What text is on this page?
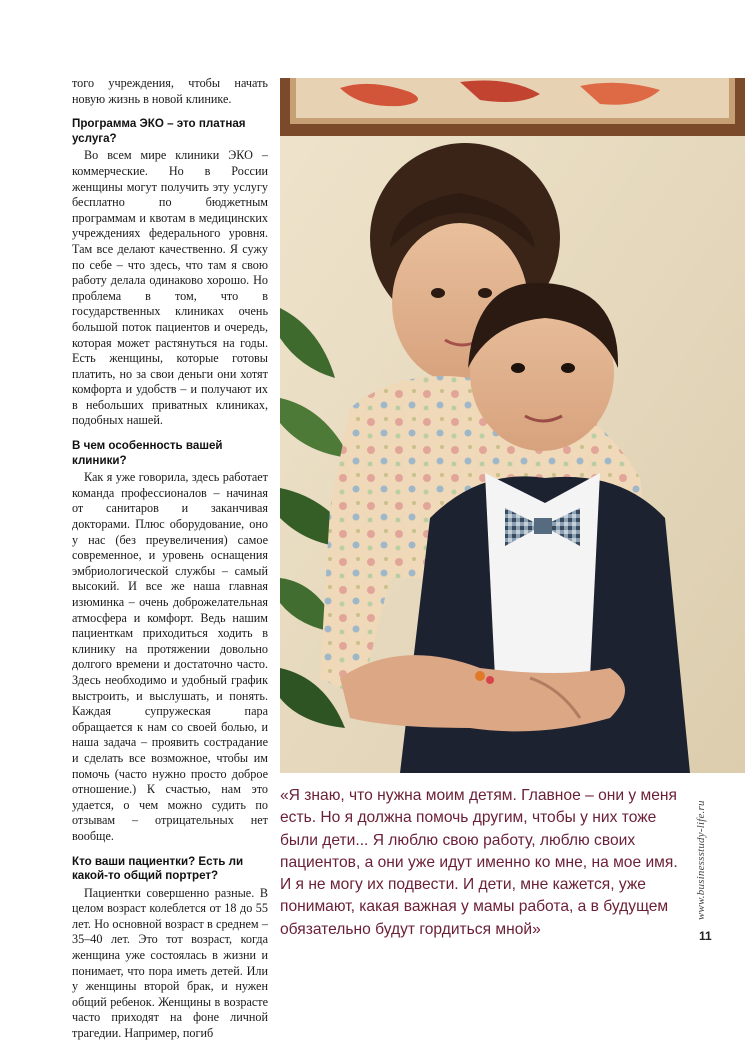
того учреждения, чтобы начать новую жизнь в новой клинике.

Программа ЭКО – это платная услуга?

Во всем мире клиники ЭКО – коммерческие. Но в России женщины могут получить эту услугу бесплатно по бюджетным программам и квотам в медицинских учреждениях федерального уровня. Там все делают качественно. Я сужу по себе – что здесь, что там я свою работу делала одинаково хорошо. Но проблема в том, что в государственных клиниках очень большой поток пациентов и очередь, которая может растянуться на годы. Есть женщины, которые готовы платить, но за свои деньги они хотят комфорта и удобств – и получают их в небольших приватных клиниках, подобных нашей.

В чем особенность вашей клиники?

Как я уже говорила, здесь работает команда профессионалов – начиная от санитаров и заканчивая докторами. Плюс оборудование, оно у нас (без преувеличения) самое современное, и уровень оснащения эмбриологической службы – самый высокий. И все же наша главная изюминка – очень доброжелательная атмосфера и комфорт. Ведь нашим пациенткам приходиться ходить в клинику на протяжении довольно долгого времени и достаточно часто. Здесь необходимо и удобный график выстроить, и выслушать, и понять. Каждая супружеская пара обращается к нам со своей болью, и наша задача – проявить сострадание и сделать все возможное, чтобы им помочь (часто нужно просто доброе отношение.) К счастью, нам это удается, о чем можно судить по отзывам – отрицательных нет вообще.

Кто ваши пациентки? Есть ли какой-то общий портрет?

Пациентки совершенно разные. В целом возраст колеблется от 18 до 55 лет. Но основной возраст в среднем – 35–40 лет. Это тот возраст, когда женщина уже состоялась в жизни и понимает, что пора иметь детей. Или у женщины второй брак, и нужен общий ребенок. Женщины в возрасте часто приходят на фоне личной трагедии. Например, погиб

«Я знаю, что нужна моим детям. Главное – они у меня есть. Но я должна помочь другим, чтобы у них тоже были дети... Я люблю свою работу, люблю своих пациентов, а они уже идут именно ко мне, на мое имя. И я не могу их подвести. И дети, мне кажется, уже понимают, какая важная у мамы работа, а в будущем обязательно будут гордиться мной»
www.businessstudy-life.ru
11
